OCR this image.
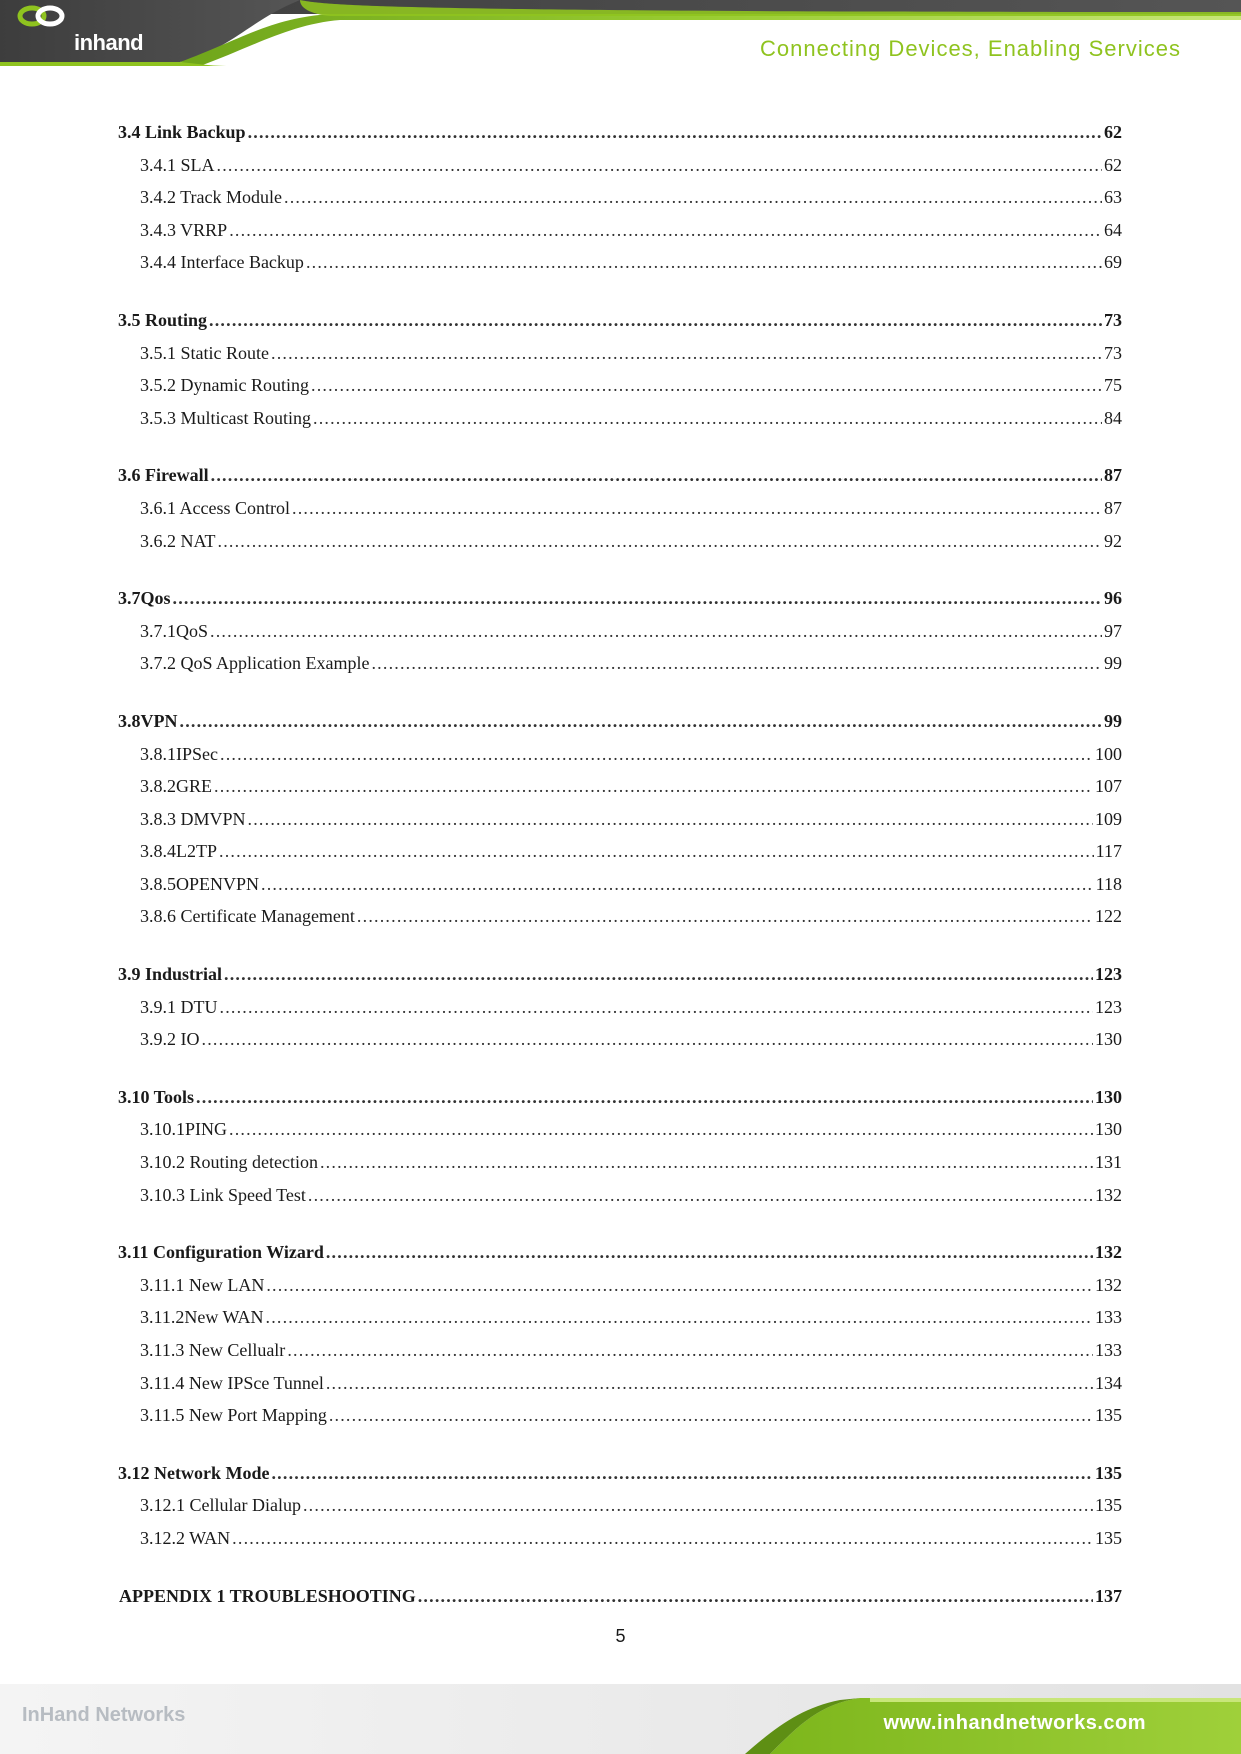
inhand	Connecting Devices, Enabling Services
3.4 Link Backup .....	62
3.4.1 SLA .....	62
3.4.2 Track Module .....	63
3.4.3 VRRP .....	64
3.4.4 Interface Backup .....	69
3.5 Routing .....	73
3.5.1 Static Route .....	73
3.5.2 Dynamic Routing .....	75
3.5.3 Multicast Routing .....	84
3.6 Firewall .....	87
3.6.1 Access Control .....	87
3.6.2 NAT .....	92
3.7Qos .....	96
3.7.1QoS .....	97
3.7.2 QoS Application Example .....	99
3.8VPN .....	99
3.8.1IPSec .....	100
3.8.2GRE .....	107
3.8.3 DMVPN .....	109
3.8.4L2TP .....	117
3.8.5OPENVPN .....	118
3.8.6 Certificate Management .....	122
3.9 Industrial .....	123
3.9.1 DTU .....	123
3.9.2 IO .....	130
3.10 Tools .....	130
3.10.1PING .....	130
3.10.2 Routing detection .....	131
3.10.3 Link Speed Test .....	132
3.11 Configuration Wizard .....	132
3.11.1 New LAN .....	132
3.11.2New WAN .....	133
3.11.3 New Cellualr .....	133
3.11.4 New IPSce Tunnel .....	134
3.11.5 New Port Mapping .....	135
3.12 Network Mode .....	135
3.12.1 Cellular Dialup .....	135
3.12.2 WAN .....	135
APPENDIX 1 TROUBLESHOOTING .....	137
5
InHand Networks	www.inhandnetworks.com
